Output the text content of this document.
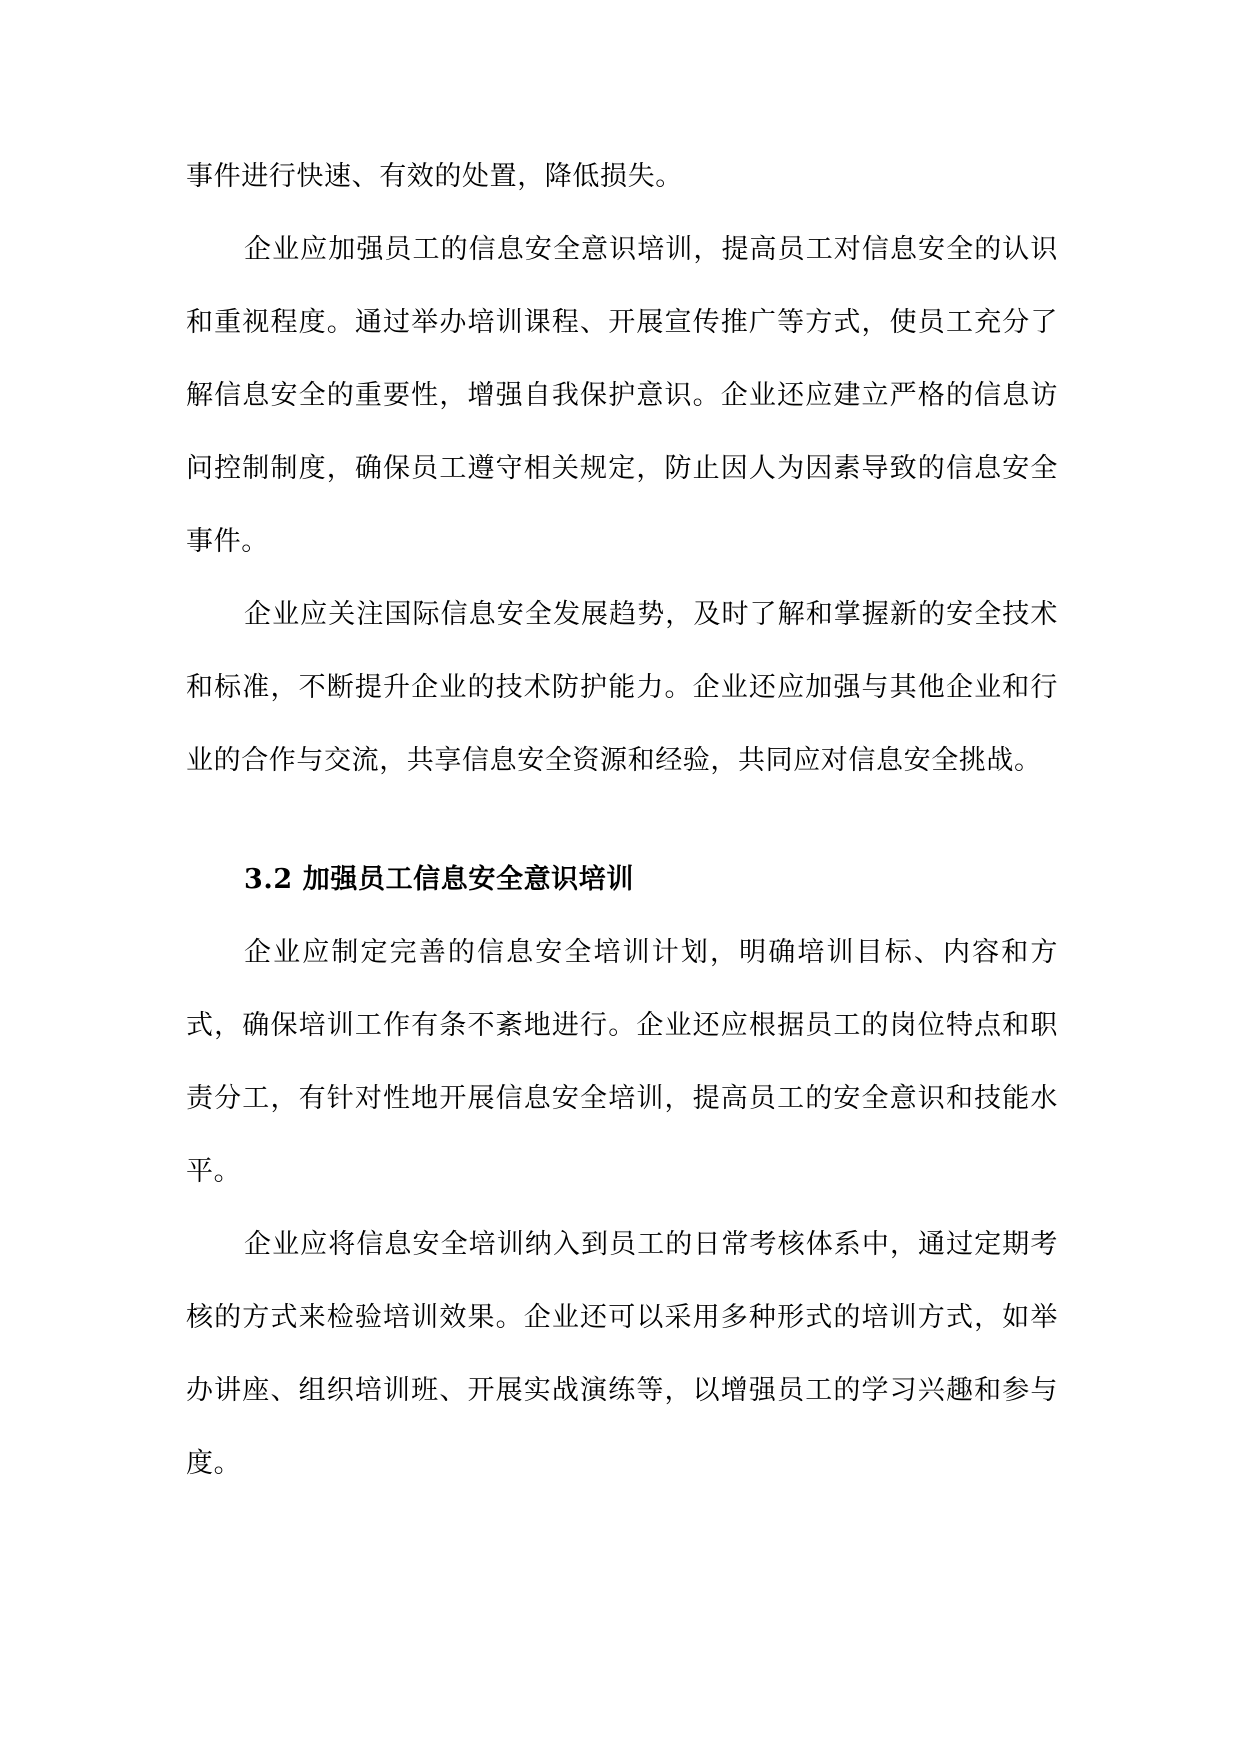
事件进行快速、有效的处置，降低损失。

企业应加强员工的信息安全意识培训，提高员工对信息安全的认识和重视程度。通过举办培训课程、开展宣传推广等方式，使员工充分了解信息安全的重要性，增强自我保护意识。企业还应建立严格的信息访问控制制度，确保员工遵守相关规定，防止因人为因素导致的信息安全事件。

企业应关注国际信息安全发展趋势，及时了解和掌握新的安全技术和标准，不断提升企业的技术防护能力。企业还应加强与其他企业和行业的合作与交流，共享信息安全资源和经验，共同应对信息安全挑战。

3.2 加强员工信息安全意识培训

企业应制定完善的信息安全培训计划，明确培训目标、内容和方式，确保培训工作有条不紊地进行。企业还应根据员工的岗位特点和职责分工，有针对性地开展信息安全培训，提高员工的安全意识和技能水平。

企业应将信息安全培训纳入到员工的日常考核体系中，通过定期考核的方式来检验培训效果。企业还可以采用多种形式的培训方式，如举办讲座、组织培训班、开展实战演练等，以增强员工的学习兴趣和参与度。
